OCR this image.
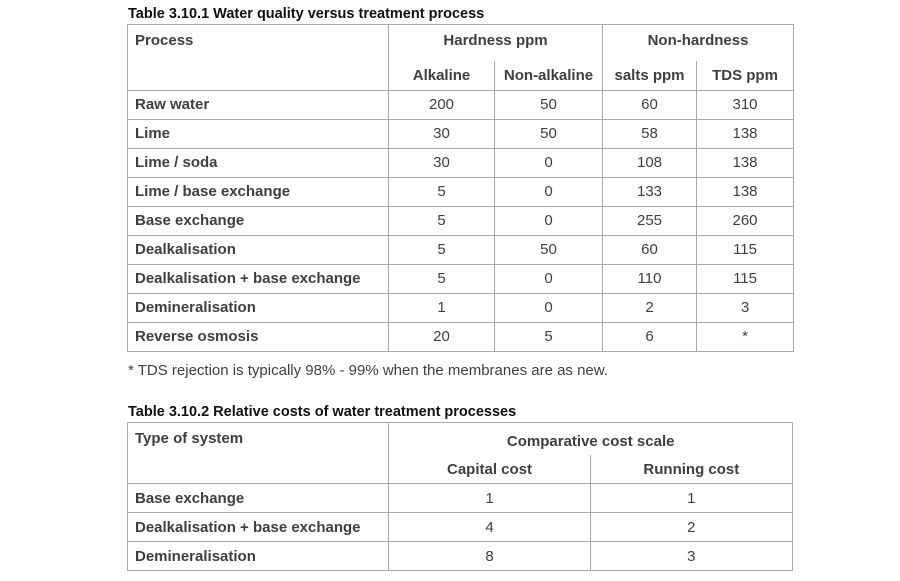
Table 3.10.1 Water quality versus treatment process

Process	Hardness ppm		Non-hardness	
	Alkaline	Non-alkaline	salts ppm	TDS ppm
Raw water	200	50	60	310
Lime	30	50	58	138
Lime / soda	30	0	108	138
Lime / base exchange	5	0	133	138
Base exchange	5	0	255	260
Dealkalisation	5	50	60	115
Dealkalisation + base exchange	5	0	110	115
Demineralisation	1	0	2	3
Reverse osmosis	20	5	6	*

* TDS rejection is typically 98% - 99% when the membranes are as new.

Table 3.10.2 Relative costs of water treatment processes

Type of system	Comparative cost scale	
	Capital cost	Running cost
Base exchange	1	1
Dealkalisation + base exchange	4	2
Demineralisation	8	3
